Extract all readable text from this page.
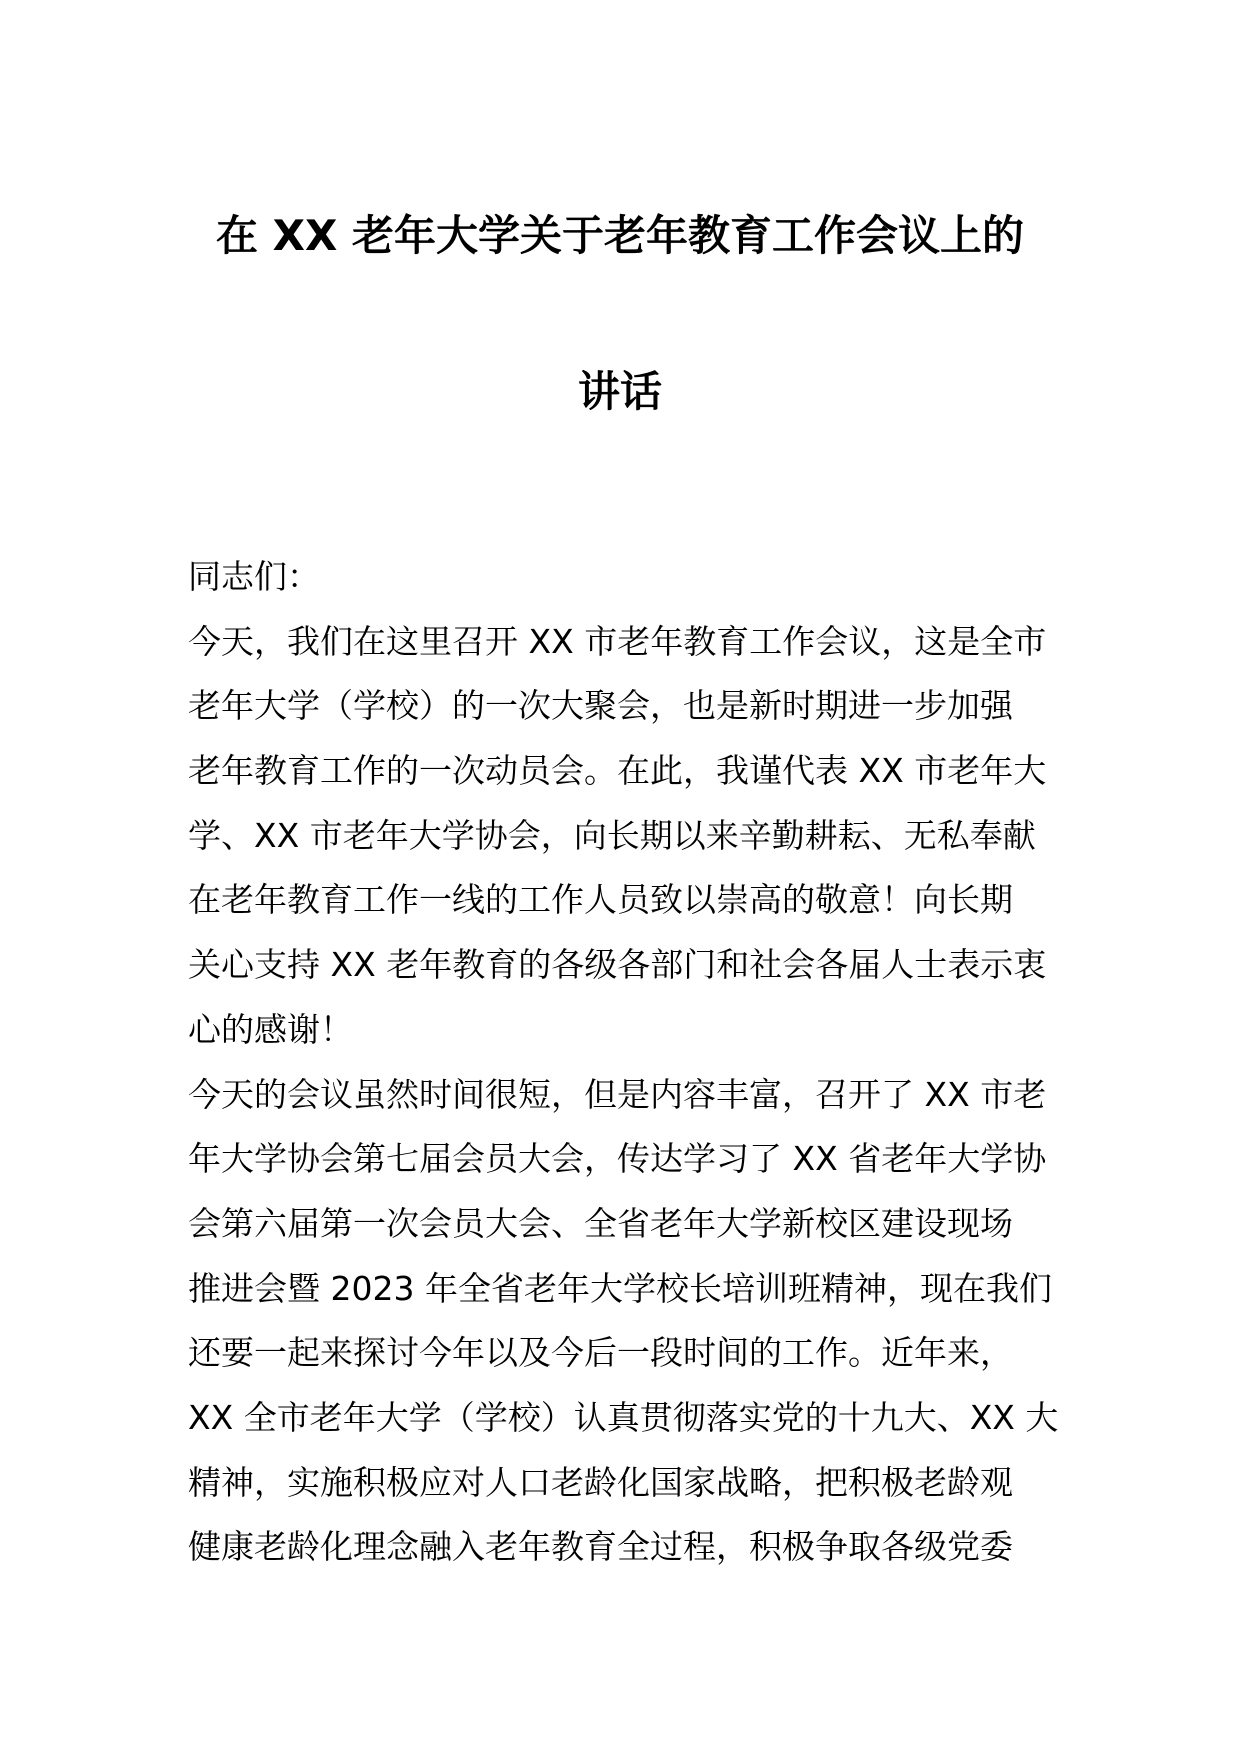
在 XX 老年大学关于老年教育工作会议上的
讲话
同志们：
今天，我们在这里召开 XX 市老年教育工作会议，这是全市
老年大学（学校）的一次大聚会，也是新时期进一步加强
老年教育工作的一次动员会。在此，我谨代表 XX 市老年大
学、XX 市老年大学协会，向长期以来辛勤耕耘、无私奉献
在老年教育工作一线的工作人员致以崇高的敬意！向长期
关心支持 XX 老年教育的各级各部门和社会各届人士表示衷
心的感谢！
今天的会议虽然时间很短，但是内容丰富，召开了 XX 市老
年大学协会第七届会员大会，传达学习了 XX 省老年大学协
会第六届第一次会员大会、全省老年大学新校区建设现场
推进会暨 2023 年全省老年大学校长培训班精神，现在我们
还要一起来探讨今年以及今后一段时间的工作。近年来，
XX 全市老年大学（学校）认真贯彻落实党的十九大、XX 大
精神，实施积极应对人口老龄化国家战略，把积极老龄观
健康老龄化理念融入老年教育全过程，积极争取各级党委
